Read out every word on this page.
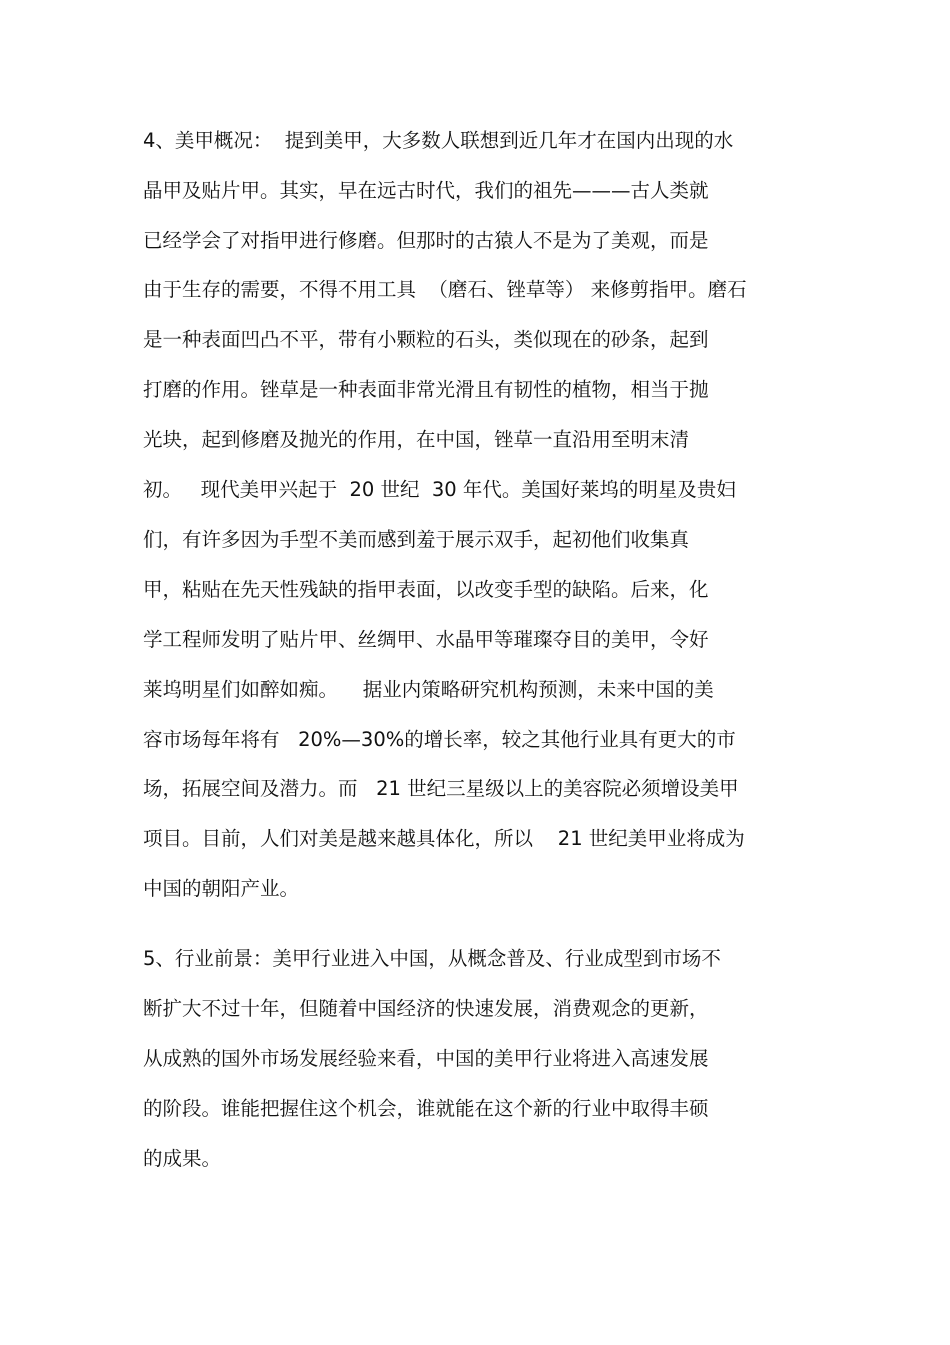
4、美甲概况：  提到美甲，大多数人联想到近几年才在国内出现的水
晶甲及贴片甲。其实，早在远古时代，我们的祖先———古人类就
已经学会了对指甲进行修磨。但那时的古猿人不是为了美观，而是
由于生存的需要，不得不用工具  （磨石、锉草等） 来修剪指甲。磨石
是一种表面凹凸不平，带有小颗粒的石头，类似现在的砂条，起到
打磨的作用。锉草是一种表面非常光滑且有韧性的植物，相当于抛
光块，起到修磨及抛光的作用，在中国，锉草一直沿用至明末清
初。   现代美甲兴起于  20 世纪  30 年代。美国好莱坞的明星及贵妇
们，有许多因为手型不美而感到羞于展示双手，起初他们收集真
甲，粘贴在先天性残缺的指甲表面，以改变手型的缺陷。后来，化
学工程师发明了贴片甲、丝绸甲、水晶甲等璀璨夺目的美甲，令好
莱坞明星们如醉如痴。    据业内策略研究机构预测，未来中国的美
容市场每年将有   20%—30%的增长率，较之其他行业具有更大的市
场，拓展空间及潜力。而   21 世纪三星级以上的美容院必须增设美甲
项目。目前，人们对美是越来越具体化，所以    21 世纪美甲业将成为
中国的朝阳产业。
5、行业前景：美甲行业进入中国，从概念普及、行业成型到市场不
断扩大不过十年，但随着中国经济的快速发展，消费观念的更新，
从成熟的国外市场发展经验来看，中国的美甲行业将进入高速发展
的阶段。谁能把握住这个机会，谁就能在这个新的行业中取得丰硕
的成果。
